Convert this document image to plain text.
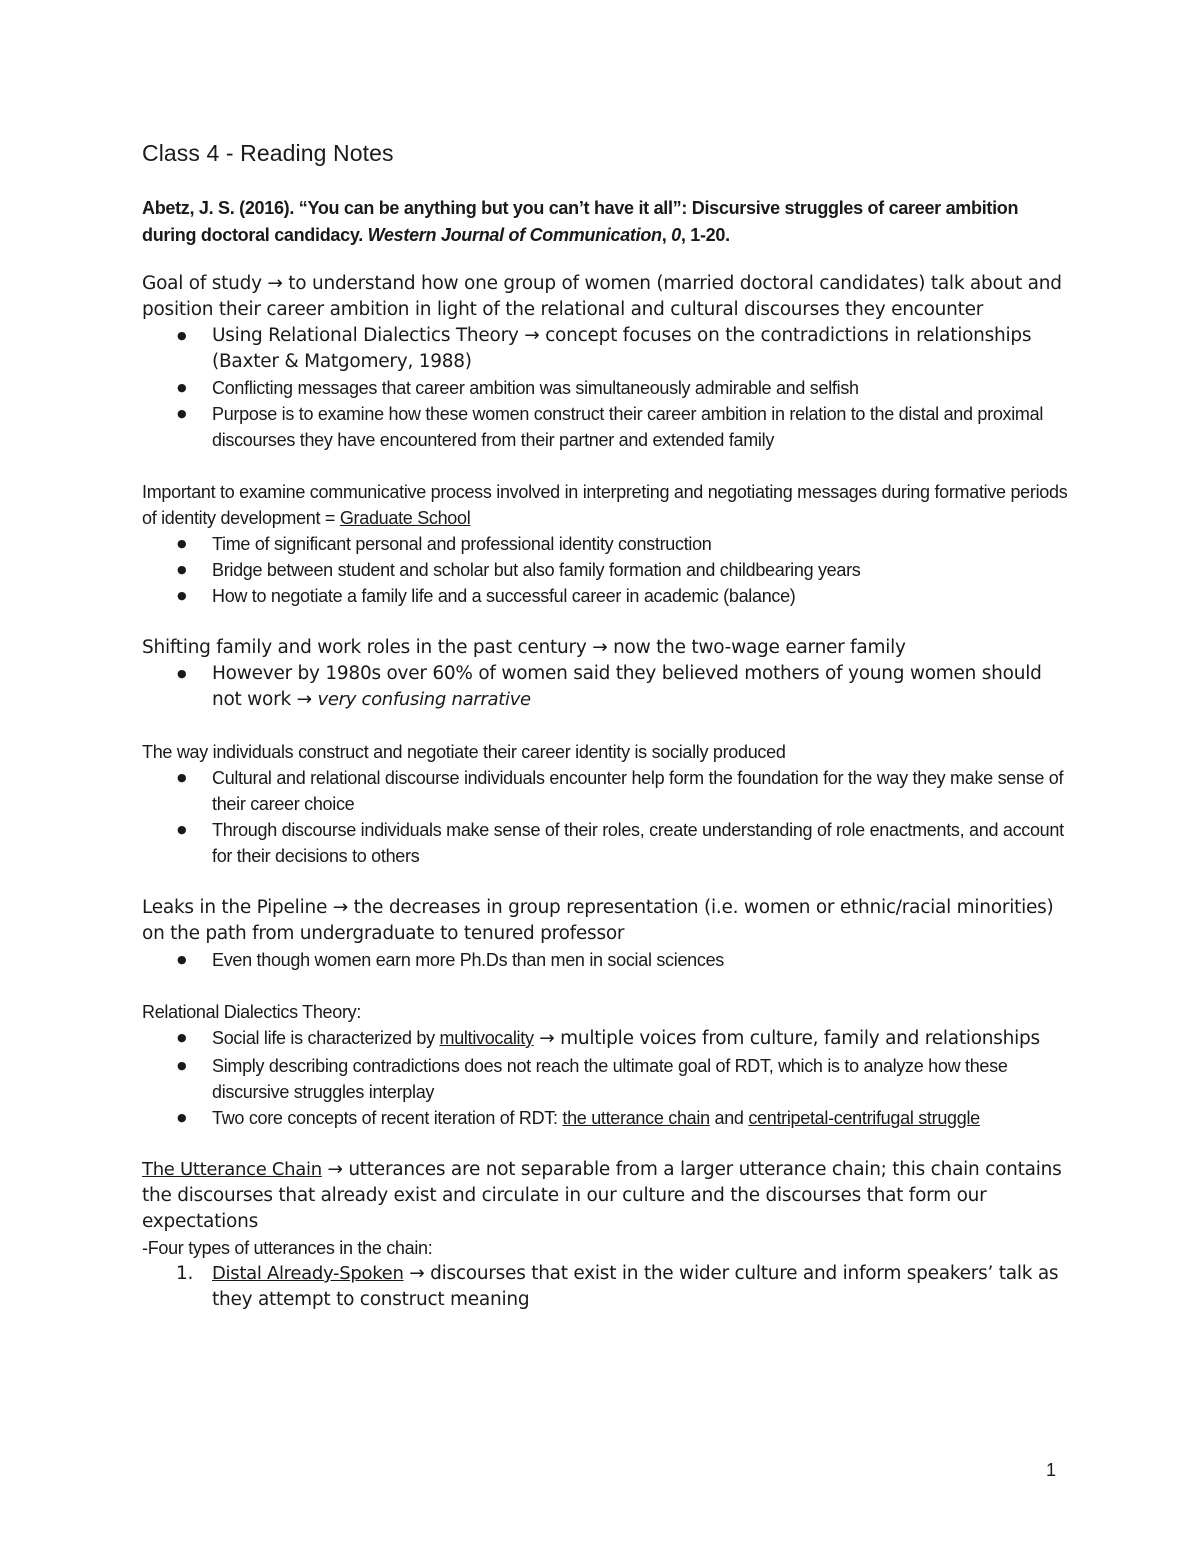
Class 4 - Reading Notes

Abetz, J. S. (2016). “You can be anything but you can’t have it all”: Discursive struggles of career ambition during doctoral candidacy. Western Journal of Communication, 0, 1-20.

Goal of study → to understand how one group of women (married doctoral candidates) talk about and position their career ambition in light of the relational and cultural discourses they encounter

● Using Relational Dialectics Theory → concept focuses on the contradictions in relationships (Baxter & Matgomery, 1988)
● Conflicting messages that career ambition was simultaneously admirable and selfish
● Purpose is to examine how these women construct their career ambition in relation to the distal and proximal discourses they have encountered from their partner and extended family

Important to examine communicative process involved in interpreting and negotiating messages during formative periods of identity development = Graduate School

● Time of significant personal and professional identity construction
● Bridge between student and scholar but also family formation and childbearing years
● How to negotiate a family life and a successful career in academic (balance)

Shifting family and work roles in the past century → now the two-wage earner family

● However by 1980s over 60% of women said they believed mothers of young women should not work → very confusing narrative

The way individuals construct and negotiate their career identity is socially produced

● Cultural and relational discourse individuals encounter help form the foundation for the way they make sense of their career choice
● Through discourse individuals make sense of their roles, create understanding of role enactments, and account for their decisions to others

Leaks in the Pipeline → the decreases in group representation (i.e. women or ethnic/racial minorities) on the path from undergraduate to tenured professor

● Even though women earn more Ph.Ds than men in social sciences

Relational Dialectics Theory:

● Social life is characterized by multivocality → multiple voices from culture, family and relationships
● Simply describing contradictions does not reach the ultimate goal of RDT, which is to analyze how these discursive struggles interplay
● Two core concepts of recent iteration of RDT: the utterance chain and centripetal-centrifugal struggle

The Utterance Chain → utterances are not separable from a larger utterance chain; this chain contains the discourses that already exist and circulate in our culture and the discourses that form our expectations

-Four types of utterances in the chain:

1. Distal Already-Spoken → discourses that exist in the wider culture and inform speakers’ talk as they attempt to construct meaning
1
